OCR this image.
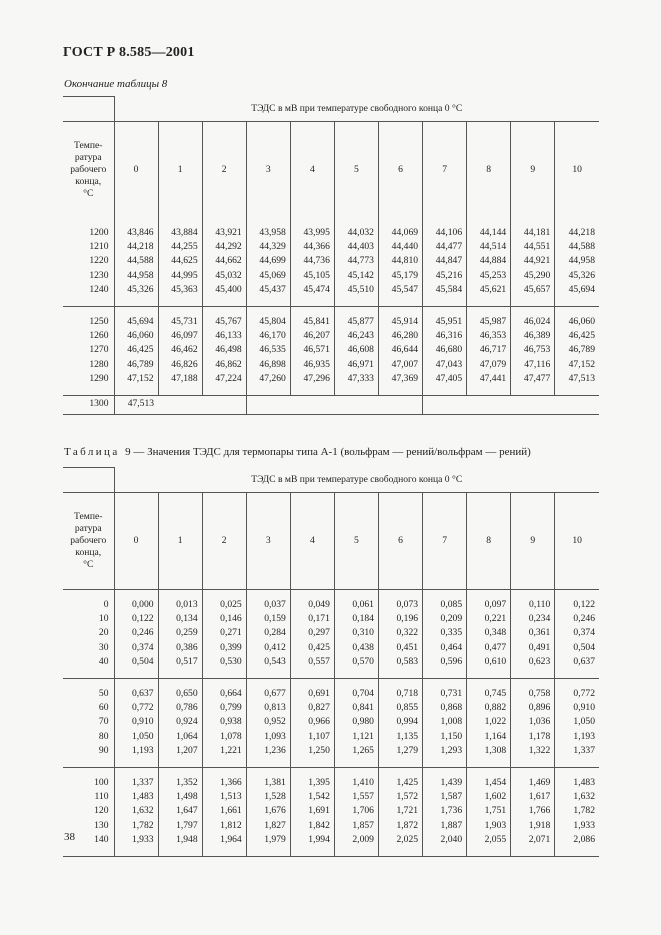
ГОСТ Р 8.585—2001
Окончание таблицы 8
	ТЭДС в мВ при температуре свободного конца 0 °С										
Темпе-
ратура
рабочего
конца,
°С	0	1	2	3	4	5	6	7	8	9	10
1200	43,846	43,884	43,921	43,958	43,995	44,032	44,069	44,106	44,144	44,181	44,218
1210	44,218	44,255	44,292	44,329	44,366	44,403	44,440	44,477	44,514	44,551	44,588
1220	44,588	44,625	44,662	44,699	44,736	44,773	44,810	44,847	44,884	44,921	44,958
1230	44,958	44,995	45,032	45,069	45,105	45,142	45,179	45,216	45,253	45,290	45,326
1240	45,326	45,363	45,400	45,437	45,474	45,510	45,547	45,584	45,621	45,657	45,694
1250	45,694	45,731	45,767	45,804	45,841	45,877	45,914	45,951	45,987	46,024	46,060
1260	46,060	46,097	46,133	46,170	46,207	46,243	46,280	46,316	46,353	46,389	46,425
1270	46,425	46,462	46,498	46,535	46,571	46,608	46,644	46,680	46,717	46,753	46,789
1280	46,789	46,826	46,862	46,898	46,935	46,971	47,007	47,043	47,079	47,116	47,152
1290	47,152	47,188	47,224	47,260	47,296	47,333	47,369	47,405	47,441	47,477	47,513
1300	47,513										
Таблица 9 — Значения ТЭДС для термопары типа А-1 (вольфрам — рений/вольфрам — рений)
	ТЭДС в мВ при температуре свободного конца 0 °С										
Темпе-
ратура
рабочего
конца,
°С	0	1	2	3	4	5	6	7	8	9	10
0	0,000	0,013	0,025	0,037	0,049	0,061	0,073	0,085	0,097	0,110	0,122
10	0,122	0,134	0,146	0,159	0,171	0,184	0,196	0,209	0,221	0,234	0,246
20	0,246	0,259	0,271	0,284	0,297	0,310	0,322	0,335	0,348	0,361	0,374
30	0,374	0,386	0,399	0,412	0,425	0,438	0,451	0,464	0,477	0,491	0,504
40	0,504	0,517	0,530	0,543	0,557	0,570	0,583	0,596	0,610	0,623	0,637
50	0,637	0,650	0,664	0,677	0,691	0,704	0,718	0,731	0,745	0,758	0,772
60	0,772	0,786	0,799	0,813	0,827	0,841	0,855	0,868	0,882	0,896	0,910
70	0,910	0,924	0,938	0,952	0,966	0,980	0,994	1,008	1,022	1,036	1,050
80	1,050	1,064	1,078	1,093	1,107	1,121	1,135	1,150	1,164	1,178	1,193
90	1,193	1,207	1,221	1,236	1,250	1,265	1,279	1,293	1,308	1,322	1,337
100	1,337	1,352	1,366	1,381	1,395	1,410	1,425	1,439	1,454	1,469	1,483
110	1,483	1,498	1,513	1,528	1,542	1,557	1,572	1,587	1,602	1,617	1,632
120	1,632	1,647	1,661	1,676	1,691	1,706	1,721	1,736	1,751	1,766	1,782
130	1,782	1,797	1,812	1,827	1,842	1,857	1,872	1,887	1,903	1,918	1,933
140	1,933	1,948	1,964	1,979	1,994	2,009	2,025	2,040	2,055	2,071	2,086
38
